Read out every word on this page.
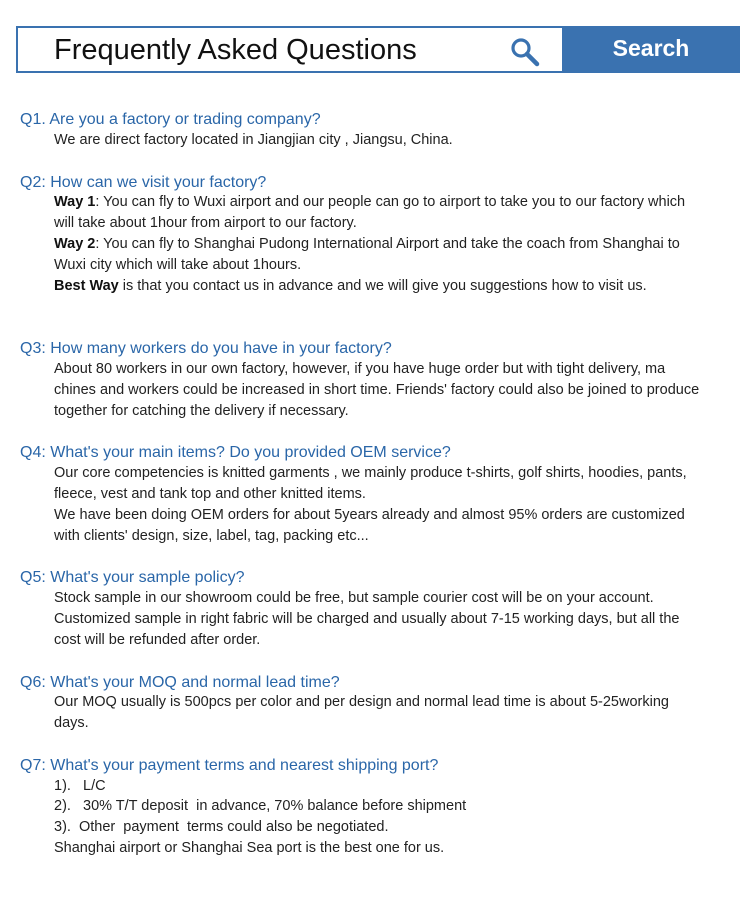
Frequently Asked Questions	Search
Q1. Are you a factory or trading company?
We are direct factory located in Jiangjian city , Jiangsu, China.
Q2: How can we visit your factory?
Way 1: You can fly to Wuxi airport and our people can go to airport to take you to our factory which
will take about 1hour from airport to our factory.
Way 2: You can fly to Shanghai Pudong International Airport and take the coach from Shanghai to
Wuxi city which will take about 1hours.
Best Way is that you contact us in advance and we will give you suggestions how to visit us.
Q3: How many workers do you have in your factory?
About 80 workers in our own factory, however, if you have huge order but with tight delivery, ma
chines and workers could be increased in short time. Friends' factory could also be joined to produce
together for catching the delivery if necessary.
Q4: What's your main items? Do you provided OEM service?
Our core competencies is knitted garments , we mainly produce t-shirts, golf shirts, hoodies, pants,
fleece, vest and tank top and other knitted items.
We have been doing OEM orders for about 5years already and almost 95% orders are customized
with clients' design, size, label, tag, packing etc...
Q5: What's your sample policy?
Stock sample in our showroom could be free, but sample courier cost will be on your account.
Customized sample in right fabric will be charged and usually about 7-15 working days, but all the
cost will be refunded after order.
Q6: What's your MOQ and normal lead time?
Our MOQ usually is 500pcs per color and per design and normal lead time is about 5-25working
days.
Q7: What's your payment terms and nearest shipping port?
1).   L/C
2).   30% T/T deposit  in advance, 70% balance before shipment
3).  Other  payment  terms could also be negotiated.
Shanghai airport or Shanghai Sea port is the best one for us.
